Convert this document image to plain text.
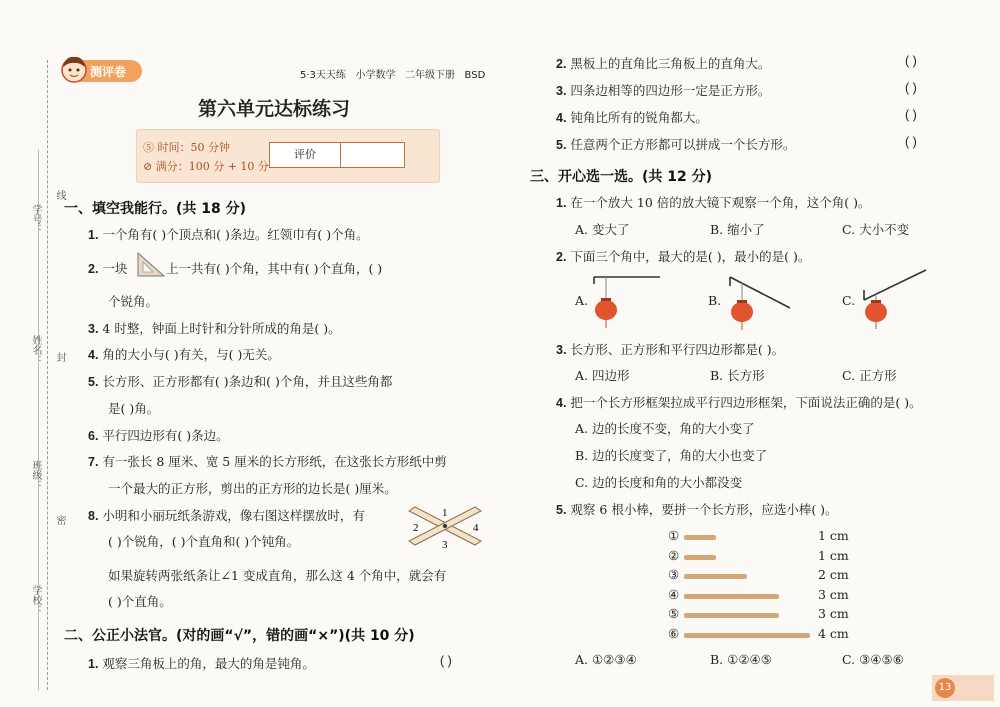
学号：
姓名：
班级：
学校：
线
封
密
测评卷	5·3天天练 小学数学 二年级下册 BSD
第六单元达标练习
⑤ 时间：50 分钟
⊘ 满分：100 分 + 10 分
评价
一、填空我能行。(共 18 分)
1. 一个角有( )个顶点和( )条边。红领巾有( )个角。
2. 一块	上一共有( )个角，其中有( )个直角，( )
个锐角。
3. 4 时整，钟面上时针和分针所成的角是( )。
4. 角的大小与( )有关，与( )无关。
5. 长方形、正方形都有( )条边和( )个角，并且这些角都
是( )角。
6. 平行四边形有( )条边。
7. 有一张长 8 厘米、宽 5 厘米的长方形纸，在这张长方形纸中剪
一个最大的正方形，剪出的正方形的边长是( )厘米。
8. 小明和小丽玩纸条游戏，像右图这样摆放时，有
( )个锐角，( )个直角和( )个钝角。
如果旋转两张纸条让∠1 变成直角，那么这 4 个角中，就会有
( )个直角。
1
2
3
4
二、公正小法官。(对的画“√”，错的画“×”)(共 10 分)
1. 观察三角板上的角，最大的角是钝角。	( )
2. 黑板上的直角比三角板上的直角大。	( )
3. 四条边相等的四边形一定是正方形。	( )
4. 钝角比所有的锐角都大。	( )
5. 任意两个正方形都可以拼成一个长方形。	( )
三、开心选一选。(共 12 分)
1. 在一个放大 10 倍的放大镜下观察一个角，这个角( )。
A. 变大了	B. 缩小了	C. 大小不变
2. 下面三个角中，最大的是( )，最小的是( )。
A.	B.	C.
3. 长方形、正方形和平行四边形都是( )。
A. 四边形	B. 长方形	C. 正方形
4. 把一个长方形框架拉成平行四边形框架，下面说法正确的是( )。
A. 边的长度不变，角的大小变了
B. 边的长度变了，角的大小也变了
C. 边的长度和角的大小都没变
5. 观察 6 根小棒，要拼一个长方形，应选小棒( )。
①	1 cm
②	1 cm
③	2 cm
④	3 cm
⑤	3 cm
⑥	4 cm
A. ①②③④	B. ①②④⑤	C. ③④⑤⑥
13
